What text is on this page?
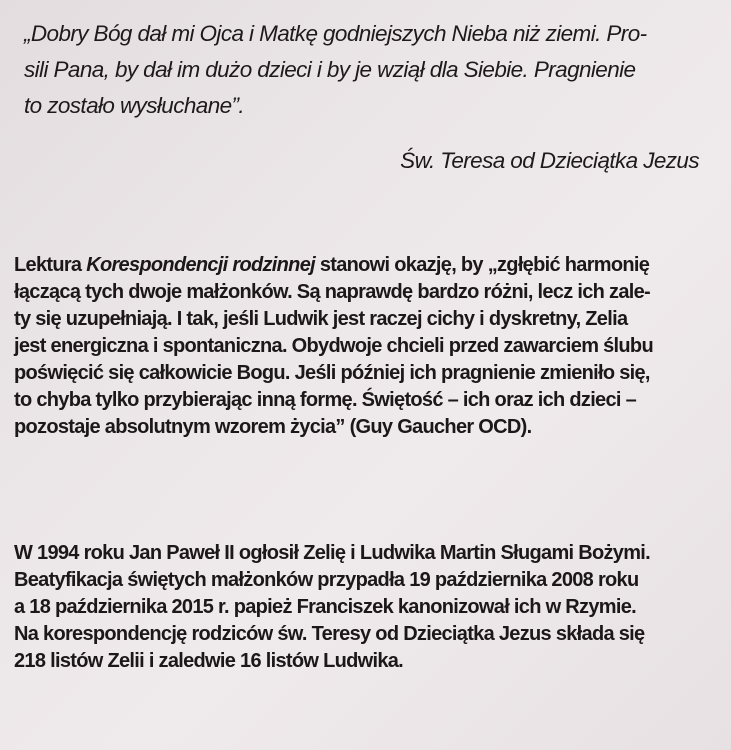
„Dobry Bóg dał mi Ojca i Matkę godniejszych Nieba niż ziemi. Pro-

sili Pana, by dał im dużo dzieci i by je wziął dla Siebie. Pragnienie

to zostało wysłuchane”.

Św. Teresa od Dzieciątka Jezus
Lektura Korespondencji rodzinnej stanowi okazję, by „zgłębić harmonię
łączącą tych dwoje małżonków. Są naprawdę bardzo różni, lecz ich zale-
ty się uzupełniają. I tak, jeśli Ludwik jest raczej cichy i dyskretny, Zelia
jest energiczna i spontaniczna. Obydwoje chcieli przed zawarciem ślubu
poświęcić się całkowicie Bogu. Jeśli później ich pragnienie zmieniło się,
to chyba tylko przybierając inną formę. Świętość – ich oraz ich dzieci –
pozostaje absolutnym wzorem życia” (Guy Gaucher OCD).
W 1994 roku Jan Paweł II ogłosił Zelię i Ludwika Martin Sługami Bożymi.
Beatyfikacja świętych małżonków przypadła 19 października 2008 roku
a 18 października 2015 r. papież Franciszek kanonizował ich w Rzymie.
Na korespondencję rodziców św. Teresy od Dzieciątka Jezus składa się
218 listów Zelii i zaledwie 16 listów Ludwika.
